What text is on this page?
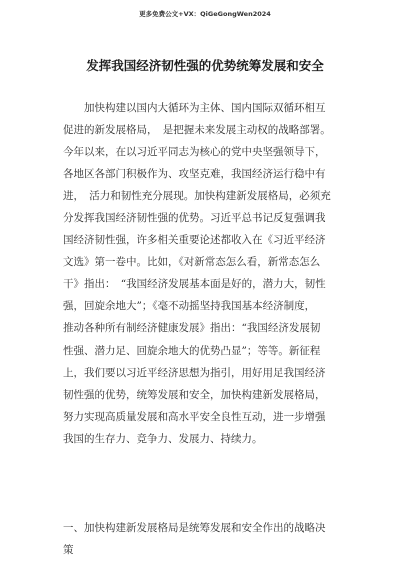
更多免费公文+VX：QiGeGongWen2024
发挥我国经济韧性强的优势统筹发展和安全

　　加快构建以国内大循环为主体、国内国际双循环相互
促进的新发展格局，　是把握未来发展主动权的战略部署。
今年以来，在以习近平同志为核心的党中央坚强领导下，
各地区各部门积极作为、攻坚克难，我国经济运行稳中有
进，　活力和韧性充分展现。加快构建新发展格局，必须充
分发挥我国经济韧性强的优势。习近平总书记反复强调我
国经济韧性强，许多相关重要论述都收入在《习近平经济
文选》第一卷中。比如，《对新常态怎么看，新常态怎么
干》指出：　“我国经济发展基本面是好的，潜力大，韧性
强，回旋余地大”；《毫不动摇坚持我国基本经济制度，
推动各种所有制经济健康发展》指出：“我国经济发展韧
性强、潜力足、回旋余地大的优势凸显”；等等。新征程
上，我们要以习近平经济思想为指引，用好用足我国经济
韧性强的优势，统筹发展和安全，加快构建新发展格局，
努力实现高质量发展和高水平安全良性互动，进一步增强
我国的生存力、竞争力、发展力、持续力。

一、加快构建新发展格局是统筹发展和安全作出的战略决
策
